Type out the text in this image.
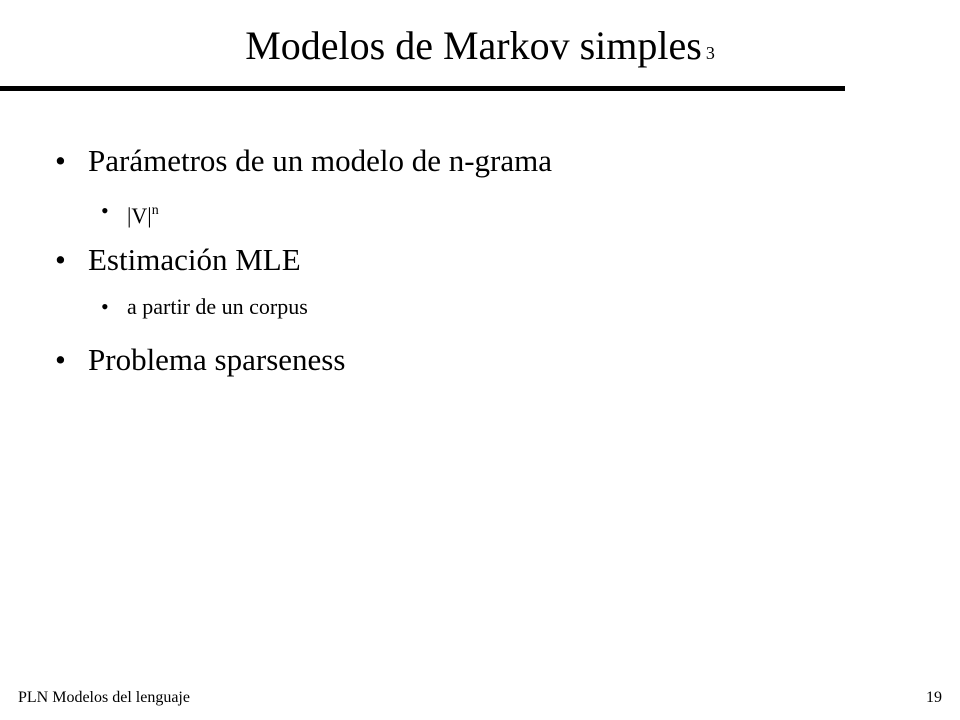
Modelos de Markov simples 3
• Parámetros de un modelo de n-grama
• $|V|^n$
• Estimación MLE
• a partir de un corpus
• Problema sparseness
PLN Modelos del lenguaje	19
